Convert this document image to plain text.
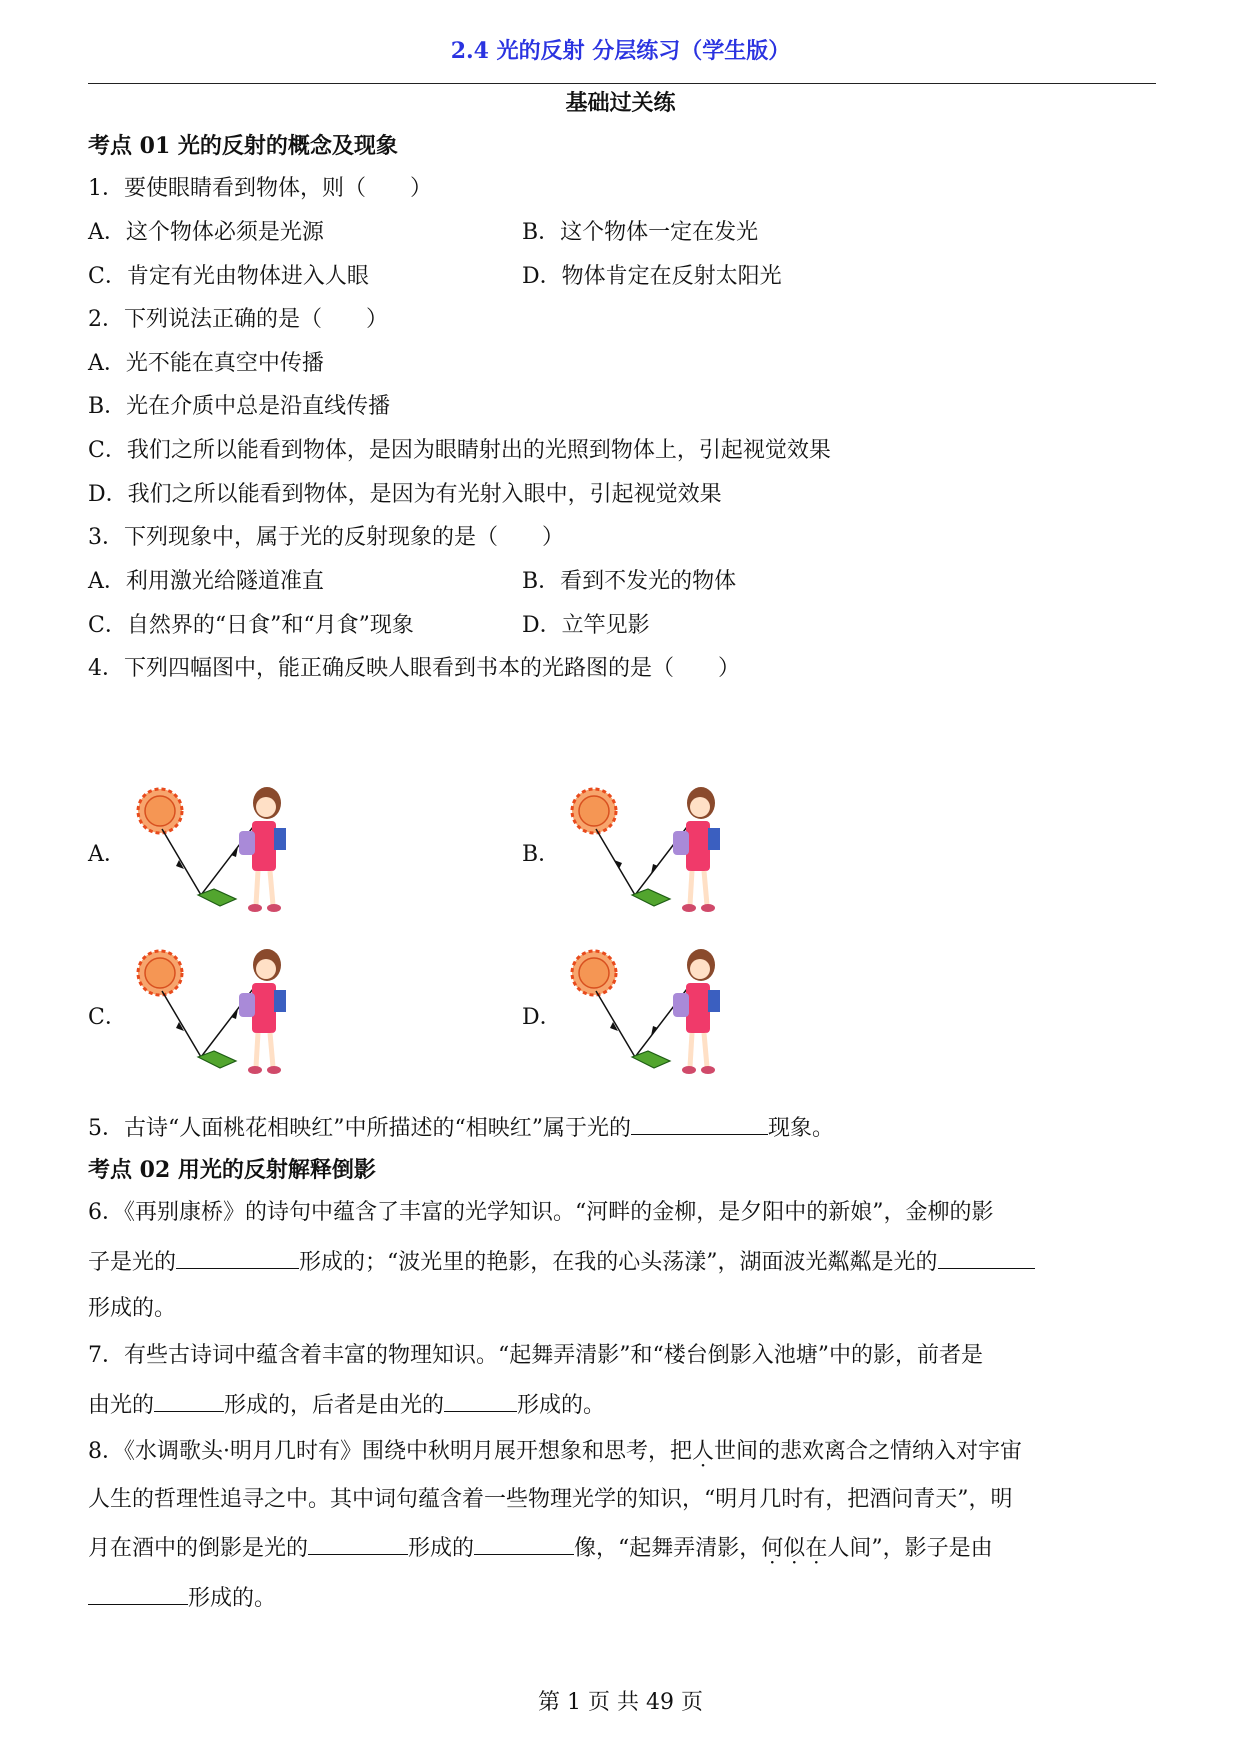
2.4 光的反射 分层练习（学生版）
基础过关练
考点 01 光的反射的概念及现象
1．要使眼睛看到物体，则（　　）
A．这个物体必须是光源	B．这个物体一定在发光
C．肯定有光由物体进入人眼	D．物体肯定在反射太阳光
2．下列说法正确的是（　　）
A．光不能在真空中传播
B．光在介质中总是沿直线传播
C．我们之所以能看到物体，是因为眼睛射出的光照到物体上，引起视觉效果
D．我们之所以能看到物体，是因为有光射入眼中，引起视觉效果
3．下列现象中，属于光的反射现象的是（　　）
A．利用激光给隧道准直	B．看到不发光的物体
C．自然界的“日食”和“月食”现象	D．立竿见影
4．下列四幅图中，能正确反映人眼看到书本的光路图的是（　　）
A．	B．
C．	D．
5．古诗“人面桃花相映红”中所描述的“相映红”属于光的	现象。
考点 02 用光的反射解释倒影
6．《再别康桥》的诗句中蕴含了丰富的光学知识。“河畔的金柳，是夕阳中的新娘”，金柳的影
子是光的	形成的；“波光里的艳影，在我的心头荡漾”，湖面波光粼粼是光的
形成的。
7．有些古诗词中蕴含着丰富的物理知识。“起舞弄清影”和“楼台倒影入池塘”中的影，前者是
由光的	形成的，后者是由光的	形成的。
8．《水调歌头·明月几时有》围绕中秋明月展开想象和思考，把人世间的悲欢离合之情纳入对宇宙
人生的哲理性追寻之中。其中词句蕴含着一些物理光学的知识，“明月几时有，把酒问青天”，明
月在酒中的倒影是光的	形成的	像，“起舞弄清影，何似在人间”，影子是由
形成的。
第 1 页 共 49 页
